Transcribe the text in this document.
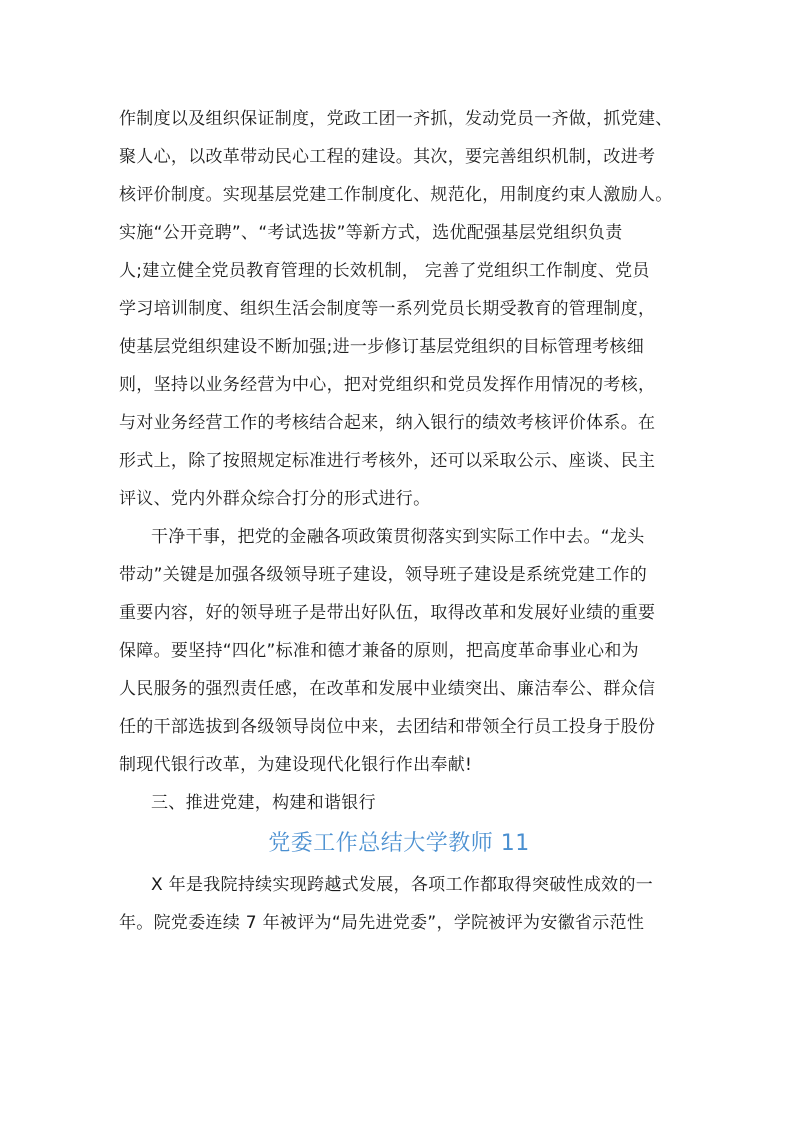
作制度以及组织保证制度，党政工团一齐抓，发动党员一齐做，抓党建、
聚人心，以改革带动民心工程的建设。其次，要完善组织机制，改进考
核评价制度。实现基层党建工作制度化、规范化，用制度约束人激励人。
实施“公开竞聘”、“考试选拔”等新方式，选优配强基层党组织负责
人;建立健全党员教育管理的长效机制， 完善了党组织工作制度、党员
学习培训制度、组织生活会制度等一系列党员长期受教育的管理制度，
使基层党组织建设不断加强;进一步修订基层党组织的目标管理考核细
则，坚持以业务经营为中心，把对党组织和党员发挥作用情况的考核，
与对业务经营工作的考核结合起来，纳入银行的绩效考核评价体系。在
形式上，除了按照规定标准进行考核外，还可以采取公示、座谈、民主
评议、党内外群众综合打分的形式进行。

干净干事，把党的金融各项政策贯彻落实到实际工作中去。“龙头
带动”关键是加强各级领导班子建设，领导班子建设是系统党建工作的
重要内容，好的领导班子是带出好队伍，取得改革和发展好业绩的重要
保障。要坚持“四化”标准和德才兼备的原则，把高度革命事业心和为
人民服务的强烈责任感，在改革和发展中业绩突出、廉洁奉公、群众信
任的干部选拔到各级领导岗位中来，去团结和带领全行员工投身于股份
制现代银行改革，为建设现代化银行作出奉献!

三、推进党建，构建和谐银行

党委工作总结大学教师 11

X 年是我院持续实现跨越式发展，各项工作都取得突破性成效的一
年。院党委连续 7 年被评为“局先进党委”，学院被评为安徽省示范性
